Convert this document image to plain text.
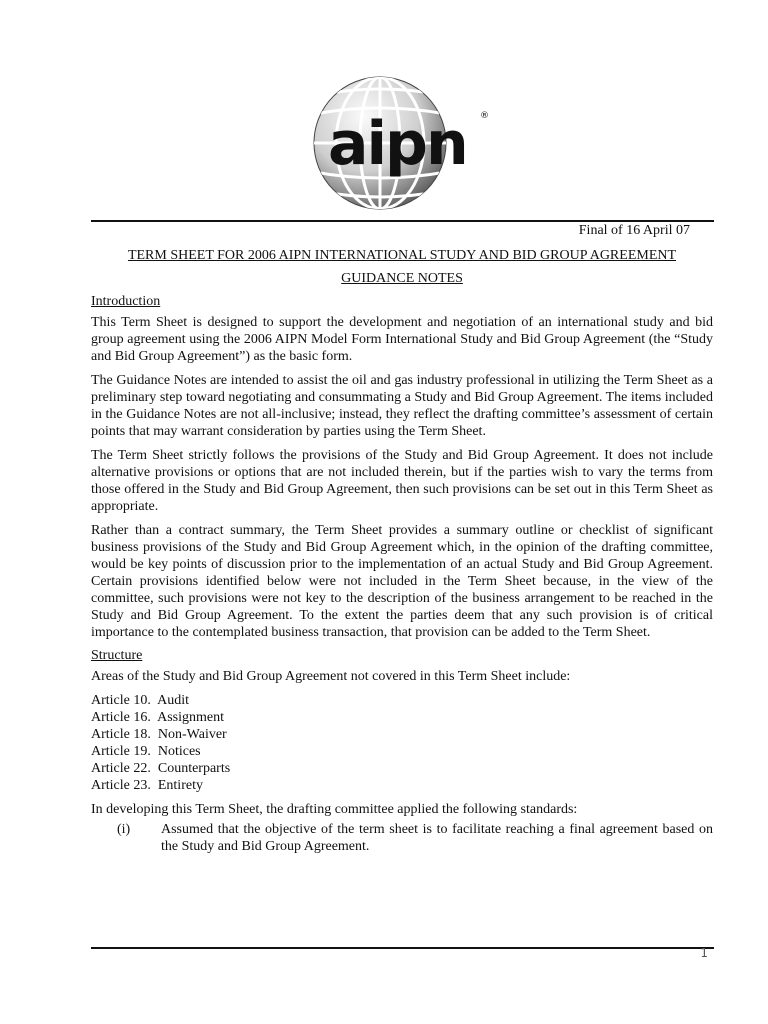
aipn ®

Final of 16 April 07

TERM SHEET FOR 2006 AIPN INTERNATIONAL STUDY AND BID GROUP AGREEMENT

GUIDANCE NOTES

Introduction

This Term Sheet is designed to support the development and negotiation of an international study and bid group agreement using the 2006 AIPN Model Form International Study and Bid Group Agreement (the “Study and Bid Group Agreement”) as the basic form.

The Guidance Notes are intended to assist the oil and gas industry professional in utilizing the Term Sheet as a preliminary step toward negotiating and consummating a Study and Bid Group Agreement. The items included in the Guidance Notes are not all-inclusive; instead, they reflect the drafting committee’s assessment of certain points that may warrant consideration by parties using the Term Sheet.

The Term Sheet strictly follows the provisions of the Study and Bid Group Agreement. It does not include alternative provisions or options that are not included therein, but if the parties wish to vary the terms from those offered in the Study and Bid Group Agreement, then such provisions can be set out in this Term Sheet as appropriate.

Rather than a contract summary, the Term Sheet provides a summary outline or checklist of significant business provisions of the Study and Bid Group Agreement which, in the opinion of the drafting committee, would be key points of discussion prior to the implementation of an actual Study and Bid Group Agreement. Certain provisions identified below were not included in the Term Sheet because, in the view of the committee, such provisions were not key to the description of the business arrangement to be reached in the Study and Bid Group Agreement. To the extent the parties deem that any such provision is of critical importance to the contemplated business transaction, that provision can be added to the Term Sheet.

Structure

Areas of the Study and Bid Group Agreement not covered in this Term Sheet include:

Article 10.  Audit
Article 16.  Assignment
Article 18.  Non-Waiver
Article 19.  Notices
Article 22.  Counterparts
Article 23.  Entirety

In developing this Term Sheet, the drafting committee applied the following standards:

(i)	Assumed that the objective of the term sheet is to facilitate reaching a final agreement based on the Study and Bid Group Agreement.
1
